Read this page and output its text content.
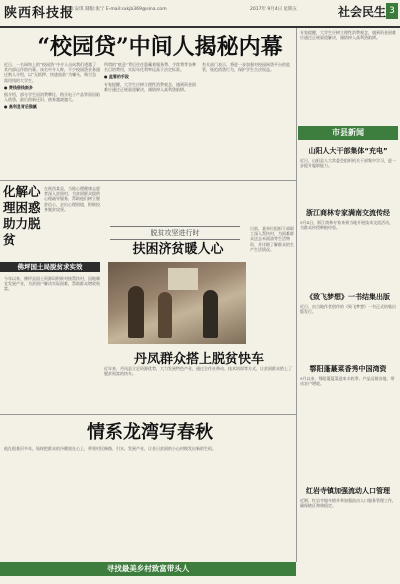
陕西科技报
责编:安琪 制版:张宁 E-mail:sxkjb369@sina.com	2017年 9月4日 星期五	社会民生 3
“校园贷”中间人揭秘内幕

近日，一名网络上的“校园贷”中介人员向我们透露了其内部运作的内幕。该名中介人称，不少校园贷业务通过熟人介绍，以“无抵押、快速放款”为噱头，吸引急需用钱的大学生。

● 费钱借钱渐多

据介绍，部分学生因消费攀比、购买电子产品等原因陷入借贷，最后借新还旧，债务越滚越大。

● 高利息背后猫腻

所谓的“低息”背后往往隐藏着服务费、手续费等各种名目的费用，实际年化利率远高于法定标准。

● 监管的手段

专家提醒，大学生应树立理性消费观念，遇到资金困难应通过正规渠道解决，谨防掉入高利贷陷阱。

有关部门表示，将进一步加强对校园网贷平台的监管，规范借贷行为，保护学生合法权益。

化解心理困惑助力脱贫

在陕西某县，当地心理健康志愿者深入贫困村，为贫困群众提供心理疏导服务，帮助他们树立脱贫信心，走出心理困境，积极投身脱贫攻坚。

佛坪国土局脱贫求实效

今年以来，佛坪县国土资源局积极对接帮扶村，因地制宜发展产业，为贫困户解决实际困难，帮助群众增收致富。

脱贫攻坚进行时
扶困济贫暖人心

日前，某单位组织干部职工深入帮扶村，为困难群众送去米面油等生活物资，并详细了解群众的生产生活情况。

丹凤群众搭上脱贫快车

近年来，丹凤县立足资源优势，大力发展特色产业，通过合作社带动、技术培训等方式，让贫困群众搭上了脱贫致富的快车。

情系龙湾写春秋

他扎根基层多年，始终把群众的冷暖放在心上，带领村民修路、引水、发展产业，让昔日贫困的小山村焕发出新的生机。

寻找最美乡村致富带头人

专家提醒，大学生应树立理性消费观念，遇到资金困难应通过正规渠道解决，谨防掉入高利贷陷阱。

市县新闻
山阳人大干部集体“充电”

近日，山阳县人大常委会组织机关干部集中学习，进一步提升履职能力。

浙江商林专家满南交流传经

9月4日，浙江商林专家来到当地开展技术交流活动，为群众传授种植经验。

《致飞梦想》一书结集出版

近日，由当地作者创作的《致飞梦想》一书正式结集出版发行。

鄠阳蓬蕞菜香秀中国湾资

9月以来，鄠阳蓬蕞菜迎来丰收季，产品远销各地，带动农户增收。

红岩寺镇加强流动人口管理

近期，红岩寺镇多措并举加强流动人口服务管理工作，确保辖区和谐稳定。
